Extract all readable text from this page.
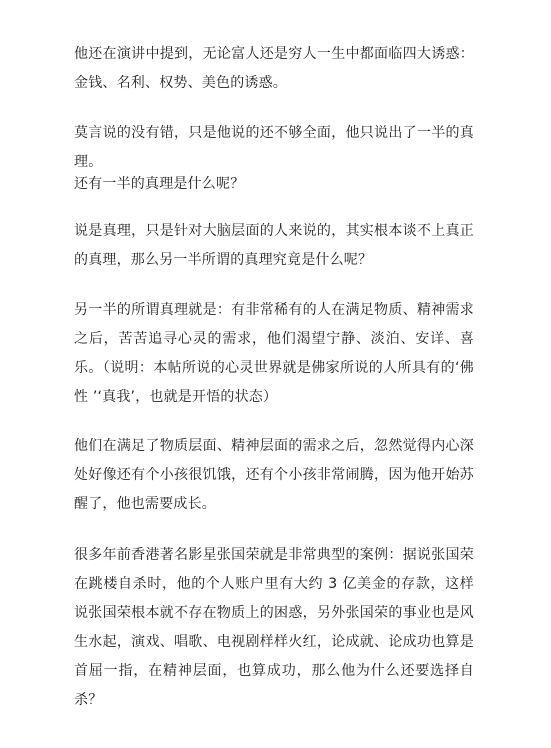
他还在演讲中提到，无论富人还是穷人一生中都面临四大诱惑：金钱、名利、权势、美色的诱惑。

莫言说的没有错，只是他说的还不够全面，他只说出了一半的真理。

还有一半的真理是什么呢？

说是真理，只是针对大脑层面的人来说的，其实根本谈不上真正的真理，那么另一半所谓的真理究竟是什么呢？

另一半的所谓真理就是：有非常稀有的人在满足物质、精神需求之后，苦苦追寻心灵的需求，他们渴望宁静、淡泊、安详、喜乐。（说明：本帖所说的心灵世界就是佛家所说的人所具有的‘佛性 ’‘真我’，也就是开悟的状态）

他们在满足了物质层面、精神层面的需求之后，忽然觉得内心深处好像还有个小孩很饥饿，还有个小孩非常闹腾，因为他开始苏醒了，他也需要成长。

很多年前香港著名影星张国荣就是非常典型的案例：据说张国荣在跳楼自杀时，他的个人账户里有大约 3 亿美金的存款，这样说张国荣根本就不存在物质上的困惑，另外张国荣的事业也是风生水起，演戏、唱歌、电视剧样样火红，论成就、论成功也算是首屈一指，在精神层面，也算成功，那么他为什么还要选择自杀？
